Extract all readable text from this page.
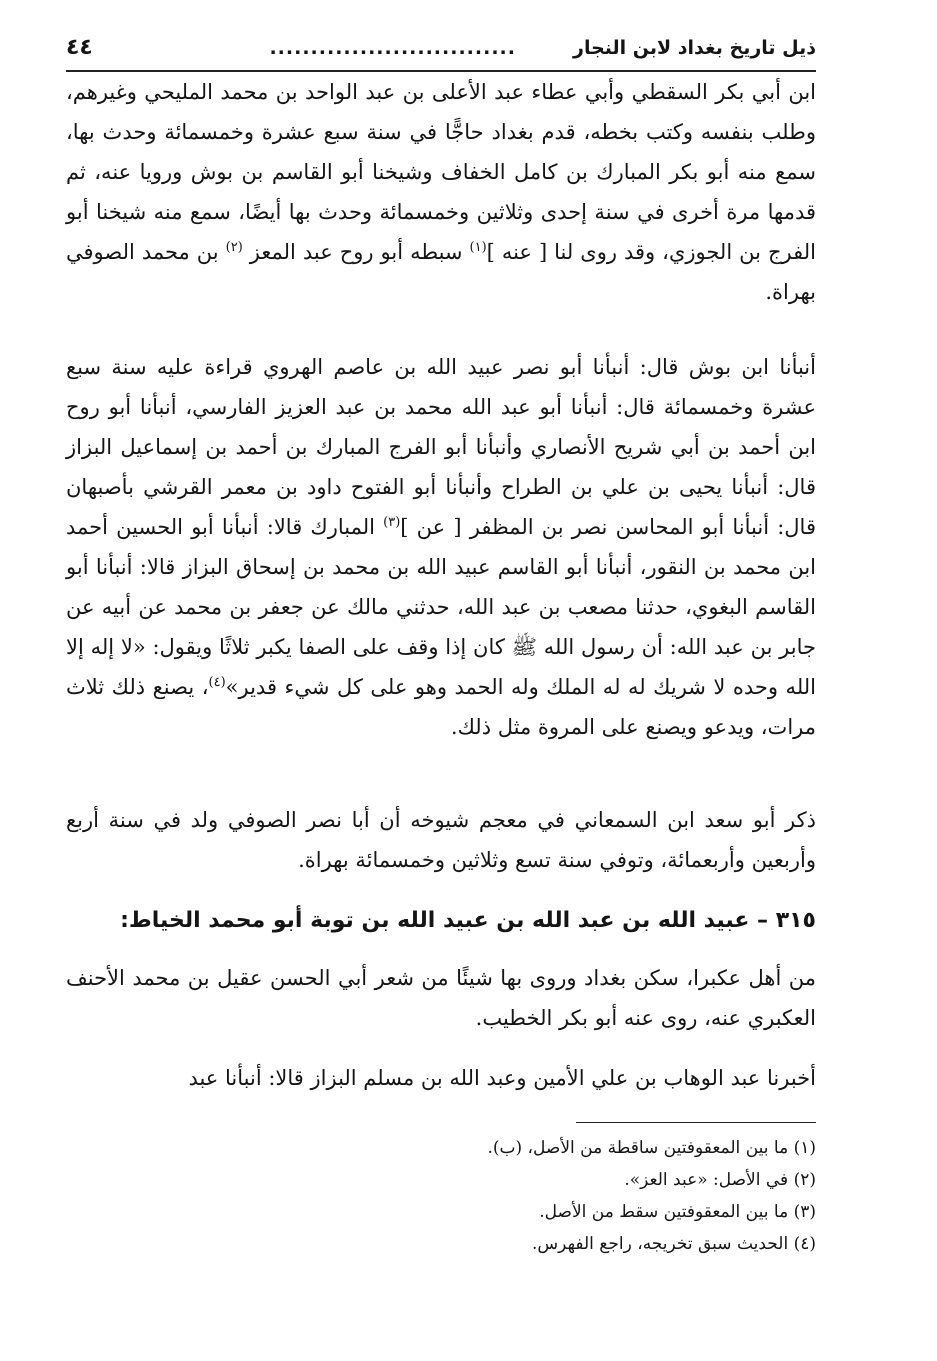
ذيل تاريخ بغداد لابن النجار
..............................
٤٤

ابن أبي بكر السقطي وأبي عطاء عبد الأعلى بن عبد الواحد بن محمد المليحي وغيرهم، وطلب بنفسه وكتب بخطه، قدم بغداد حاجًّا في سنة سبع عشرة وخمسمائة وحدث بها، سمع منه أبو بكر المبارك بن كامل الخفاف وشيخنا أبو القاسم بن بوش ورويا عنه، ثم قدمها مرة أخرى في سنة إحدى وثلاثين وخمسمائة وحدث بها أيضًا، سمع منه شيخنا أبو الفرج بن الجوزي، وقد روى لنا [ عنه ]$^{(١)}$ سبطه أبو روح عبد المعز $^{(٢)}$ بن محمد الصوفي بهراة.

أنبأنا ابن بوش قال: أنبأنا أبو نصر عبيد الله بن عاصم الهروي قراءة عليه سنة سبع عشرة وخمسمائة قال: أنبأنا أبو عبد الله محمد بن عبد العزيز الفارسي، أنبأنا أبو روح ابن أحمد بن أبي شريح الأنصاري وأنبأنا أبو الفرج المبارك بن أحمد بن إسماعيل البزاز قال: أنبأنا يحيى بن علي بن الطراح وأنبأنا أبو الفتوح داود بن معمر القرشي بأصبهان قال: أنبأنا أبو المحاسن نصر بن المظفر [ عن ]$^{(٣)}$ المبارك قالا: أنبأنا أبو الحسين أحمد ابن محمد بن النقور، أنبأنا أبو القاسم عبيد الله بن محمد بن إسحاق البزاز قالا: أنبأنا أبو القاسم البغوي، حدثنا مصعب بن عبد الله، حدثني مالك عن جعفر بن محمد عن أبيه عن جابر بن عبد الله: أن رسول الله ﷺ كان إذا وقف على الصفا يكبر ثلاثًا ويقول: «لا إله إلا الله وحده لا شريك له له الملك وله الحمد وهو على كل شيء قدير»$^{(٤)}$، يصنع ذلك ثلاث مرات، ويدعو ويصنع على المروة مثل ذلك.

ذكر أبو سعد ابن السمعاني في معجم شيوخه أن أبا نصر الصوفي ولد في سنة أربع وأربعين وأربعمائة، وتوفي سنة تسع وثلاثين وخمسمائة بهراة.

٣١٥ – عبيد الله بن عبد الله بن عبيد الله بن توبة أبو محمد الخياط:

من أهل عكبرا، سكن بغداد وروى بها شيئًا من شعر أبي الحسن عقيل بن محمد الأحنف العكبري عنه، روى عنه أبو بكر الخطيب.

أخبرنا عبد الوهاب بن علي الأمين وعبد الله بن مسلم البزاز قالا: أنبأنا عبد

(١) ما بين المعقوفتين ساقطة من الأصل، (ب).
(٢) في الأصل: «عبد العز».
(٣) ما بين المعقوفتين سقط من الأصل.
(٤) الحديث سبق تخريجه، راجع الفهرس.
